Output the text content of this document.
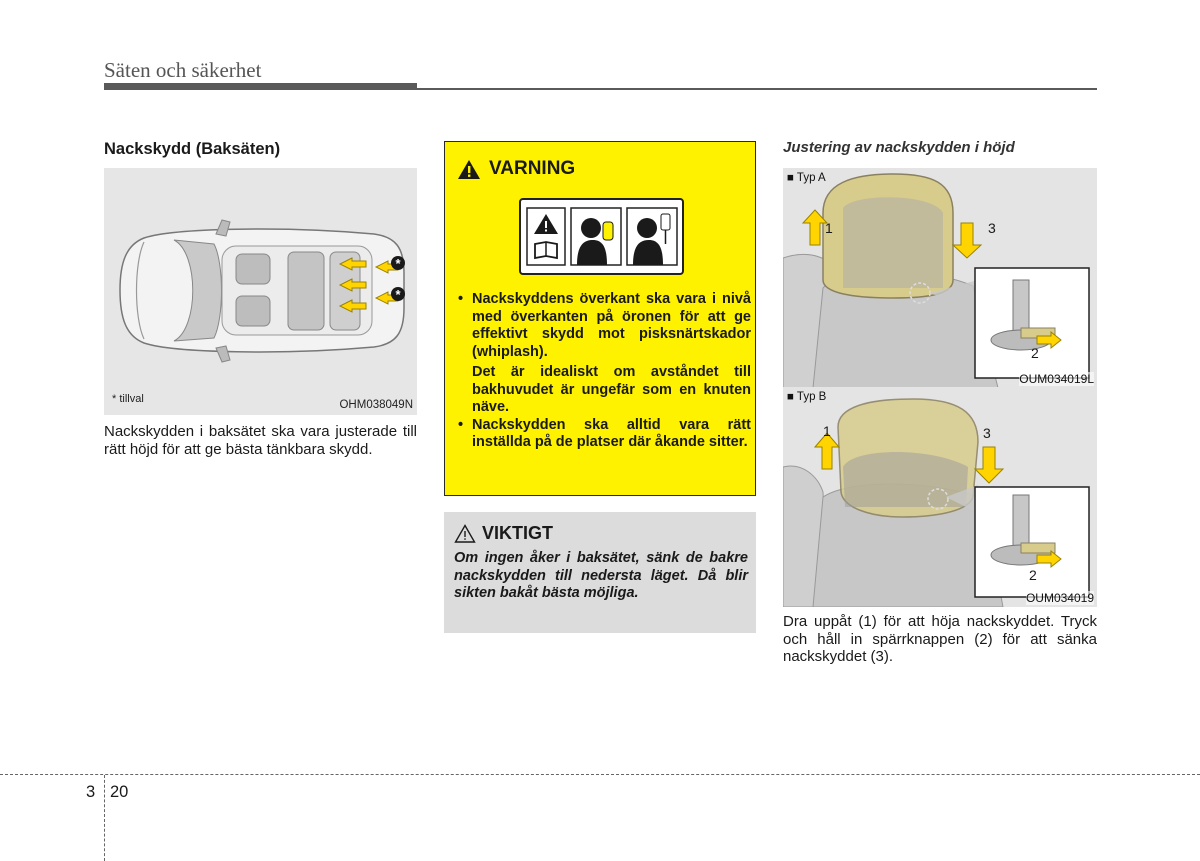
Säten och säkerhet
Nackskydd (Baksäten)
*
*
* tillval	OHM038049N
Nackskydden i baksätet ska vara justerade till rätt höjd för att ge bästa tänkbara skydd.
VARNING
• Nackskyddens överkant ska vara i nivå med överkanten på öronen för att ge effektivt skydd mot pisksnärtskador (whiplash).
Det är idealiskt om avståndet till bakhuvudet är ungefär som en knuten näve.
• Nackskydden ska alltid vara rätt inställda på de platser där åkande sitter.
VIKTIGT
Om ingen åker i baksätet, sänk de bakre nackskydden till nedersta läget. Då blir sikten bakåt bästa möjliga.
Justering av nackskydden i höjd
■ Typ A
1	3
2
OUM034019L
■ Typ B
1	3
2
OUM034019
Dra uppåt (1) för att höja nackskyddet. Tryck och håll in spärrknappen (2) för att sänka nackskyddet (3).
3 20
